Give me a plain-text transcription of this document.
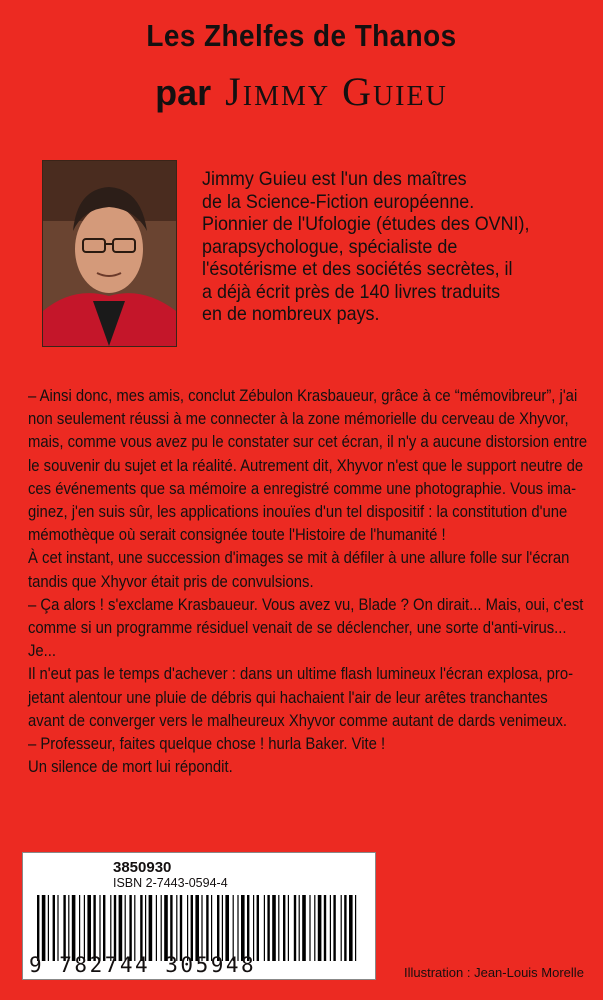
Les Zhelfes de Thanos
par Jimmy Guieu

Jimmy Guieu est l'un des maîtres

de la Science-Fiction européenne.

Pionnier de l'Ufologie (études des OVNI),

parapsychologue, spécialiste de

l'ésotérisme et des sociétés secrètes, il

a déjà écrit près de 140 livres traduits

en de nombreux pays.

– Ainsi donc, mes amis, conclut Zébulon Krasbaueur, grâce à ce “mémovibreur”, j'ai

non seulement réussi à me connecter à la zone mémorielle du cerveau de Xhyvor,

mais, comme vous avez pu le constater sur cet écran, il n'y a aucune distorsion entre

le souvenir du sujet et la réalité. Autrement dit, Xhyvor n'est que le support neutre de

ces événements que sa mémoire a enregistré comme une photographie. Vous ima-

ginez, j'en suis sûr, les applications inouïes d'un tel dispositif : la constitution d'une

mémothèque où serait consignée toute l'Histoire de l'humanité !

À cet instant, une succession d'images se mit à défiler à une allure folle sur l'écran

tandis que Xhyvor était pris de convulsions.

– Ça alors ! s'exclame Krasbaueur. Vous avez vu, Blade ? On dirait... Mais, oui, c'est

comme si un programme résiduel venait de se déclencher, une sorte d'anti-virus...

Je...

Il n'eut pas le temps d'achever : dans un ultime flash lumineux l'écran explosa, pro-

jetant alentour une pluie de débris qui hachaient l'air de leur arêtes tranchantes

avant de converger vers le malheureux Xhyvor comme autant de dards venimeux.

– Professeur, faites quelque chose ! hurla Baker. Vite !

Un silence de mort lui répondit.

3850930
ISBN 2-7443-0594-4
9 782744 305948	Illustration : Jean-Louis Morelle
